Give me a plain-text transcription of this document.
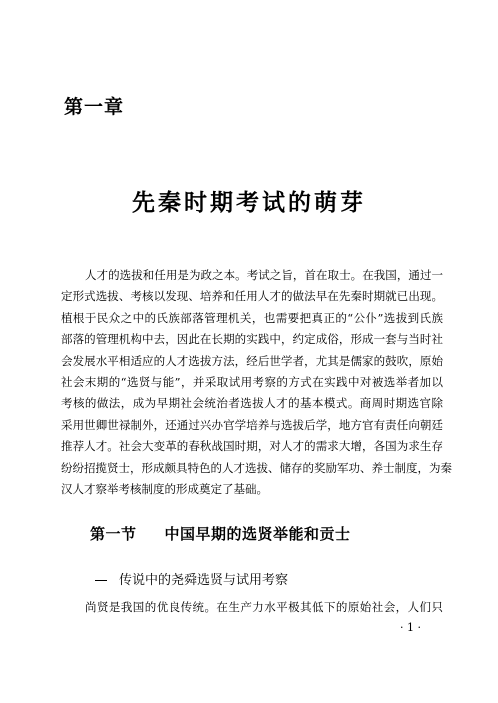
第一章
先秦时期考试的萌芽
人才的选拔和任用是为政之本。考试之旨，首在取士。在我国，通过一
定形式选拔、考核以发现、培养和任用人才的做法早在先秦时期就已出现。
植根于民众之中的氏族部落管理机关，也需要把真正的“公仆”选拔到氏族
部落的管理机构中去，因此在长期的实践中，约定成俗，形成一套与当时社
会发展水平相适应的人才选拔方法，经后世学者，尤其是儒家的鼓吹，原始
社会末期的“选贤与能”，并采取试用考察的方式在实践中对被选举者加以
考核的做法，成为早期社会统治者选拔人才的基本模式。商周时期选官除
采用世卿世禄制外，还通过兴办官学培养与选拔后学，地方官有责任向朝廷
推荐人才。社会大变革的春秋战国时期，对人才的需求大增，各国为求生存
纷纷招揽贤士，形成颇具特色的人才选拔、储存的奖励军功、养士制度，为秦
汉人才察举考核制度的形成奠定了基础。
第一节 中国早期的选贤举能和贡士
传说中的尧舜选贤与试用考察
尚贤是我国的优良传统。在生产力水平极其低下的原始社会，人们只
· 1 ·
